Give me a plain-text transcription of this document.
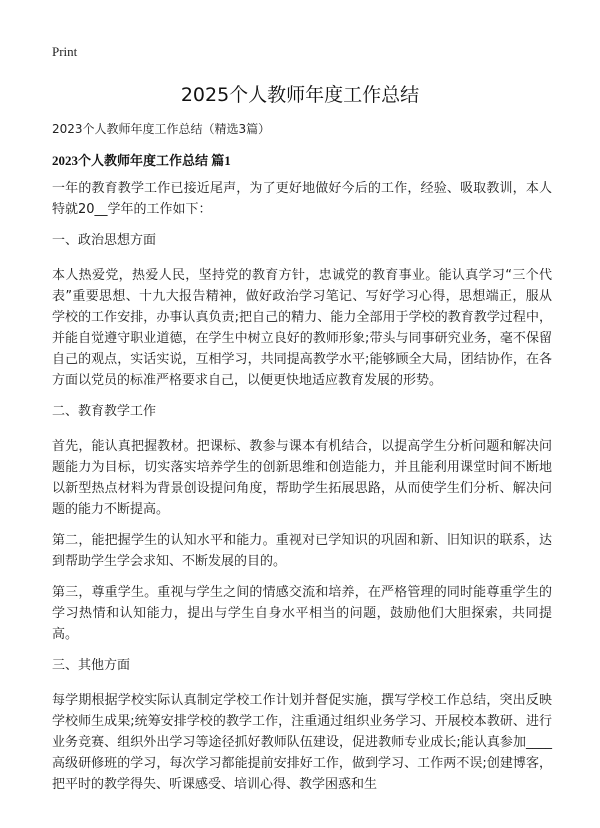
Print
2025个人教师年度工作总结
2023个人教师年度工作总结（精选3篇）
2023个人教师年度工作总结 篇1

一年的教育教学工作已接近尾声，为了更好地做好今后的工作，经验、吸取教训，本人特就20__学年的工作如下：

一、政治思想方面

本人热爱党，热爱人民，坚持党的教育方针，忠诚党的教育事业。能认真学习“三个代表”重要思想、十九大报告精神，做好政治学习笔记、写好学习心得，思想端正，服从学校的工作安排，办事认真负责;把自己的精力、能力全部用于学校的教育教学过程中，并能自觉遵守职业道德，在学生中树立良好的教师形象;带头与同事研究业务，毫不保留自己的观点，实话实说，互相学习，共同提高教学水平;能够顾全大局，团结协作，在各方面以党员的标准严格要求自己，以便更快地适应教育发展的形势。

二、教育教学工作

首先，能认真把握教材。把课标、教参与课本有机结合，以提高学生分析问题和解决问题能力为目标，切实落实培养学生的创新思维和创造能力，并且能利用课堂时间不断地以新型热点材料为背景创设提问角度，帮助学生拓展思路，从而使学生们分析、解决问题的能力不断提高。

第二，能把握学生的认知水平和能力。重视对已学知识的巩固和新、旧知识的联系，达到帮助学生学会求知、不断发展的目的。

第三，尊重学生。重视与学生之间的情感交流和培养，在严格管理的同时能尊重学生的学习热情和认知能力，提出与学生自身水平相当的问题，鼓励他们大胆探索，共同提高。

三、其他方面

每学期根据学校实际认真制定学校工作计划并督促实施，撰写学校工作总结，突出反映学校师生成果;统筹安排学校的教学工作，注重通过组织业务学习、开展校本教研、进行业务竞赛、组织外出学习等途径抓好教师队伍建设，促进教师专业成长;能认真参加____高级研修班的学习，每次学习都能提前安排好工作，做到学习、工作两不误;创建博客，把平时的教学得失、听课感受、培训心得、教学困惑和生
